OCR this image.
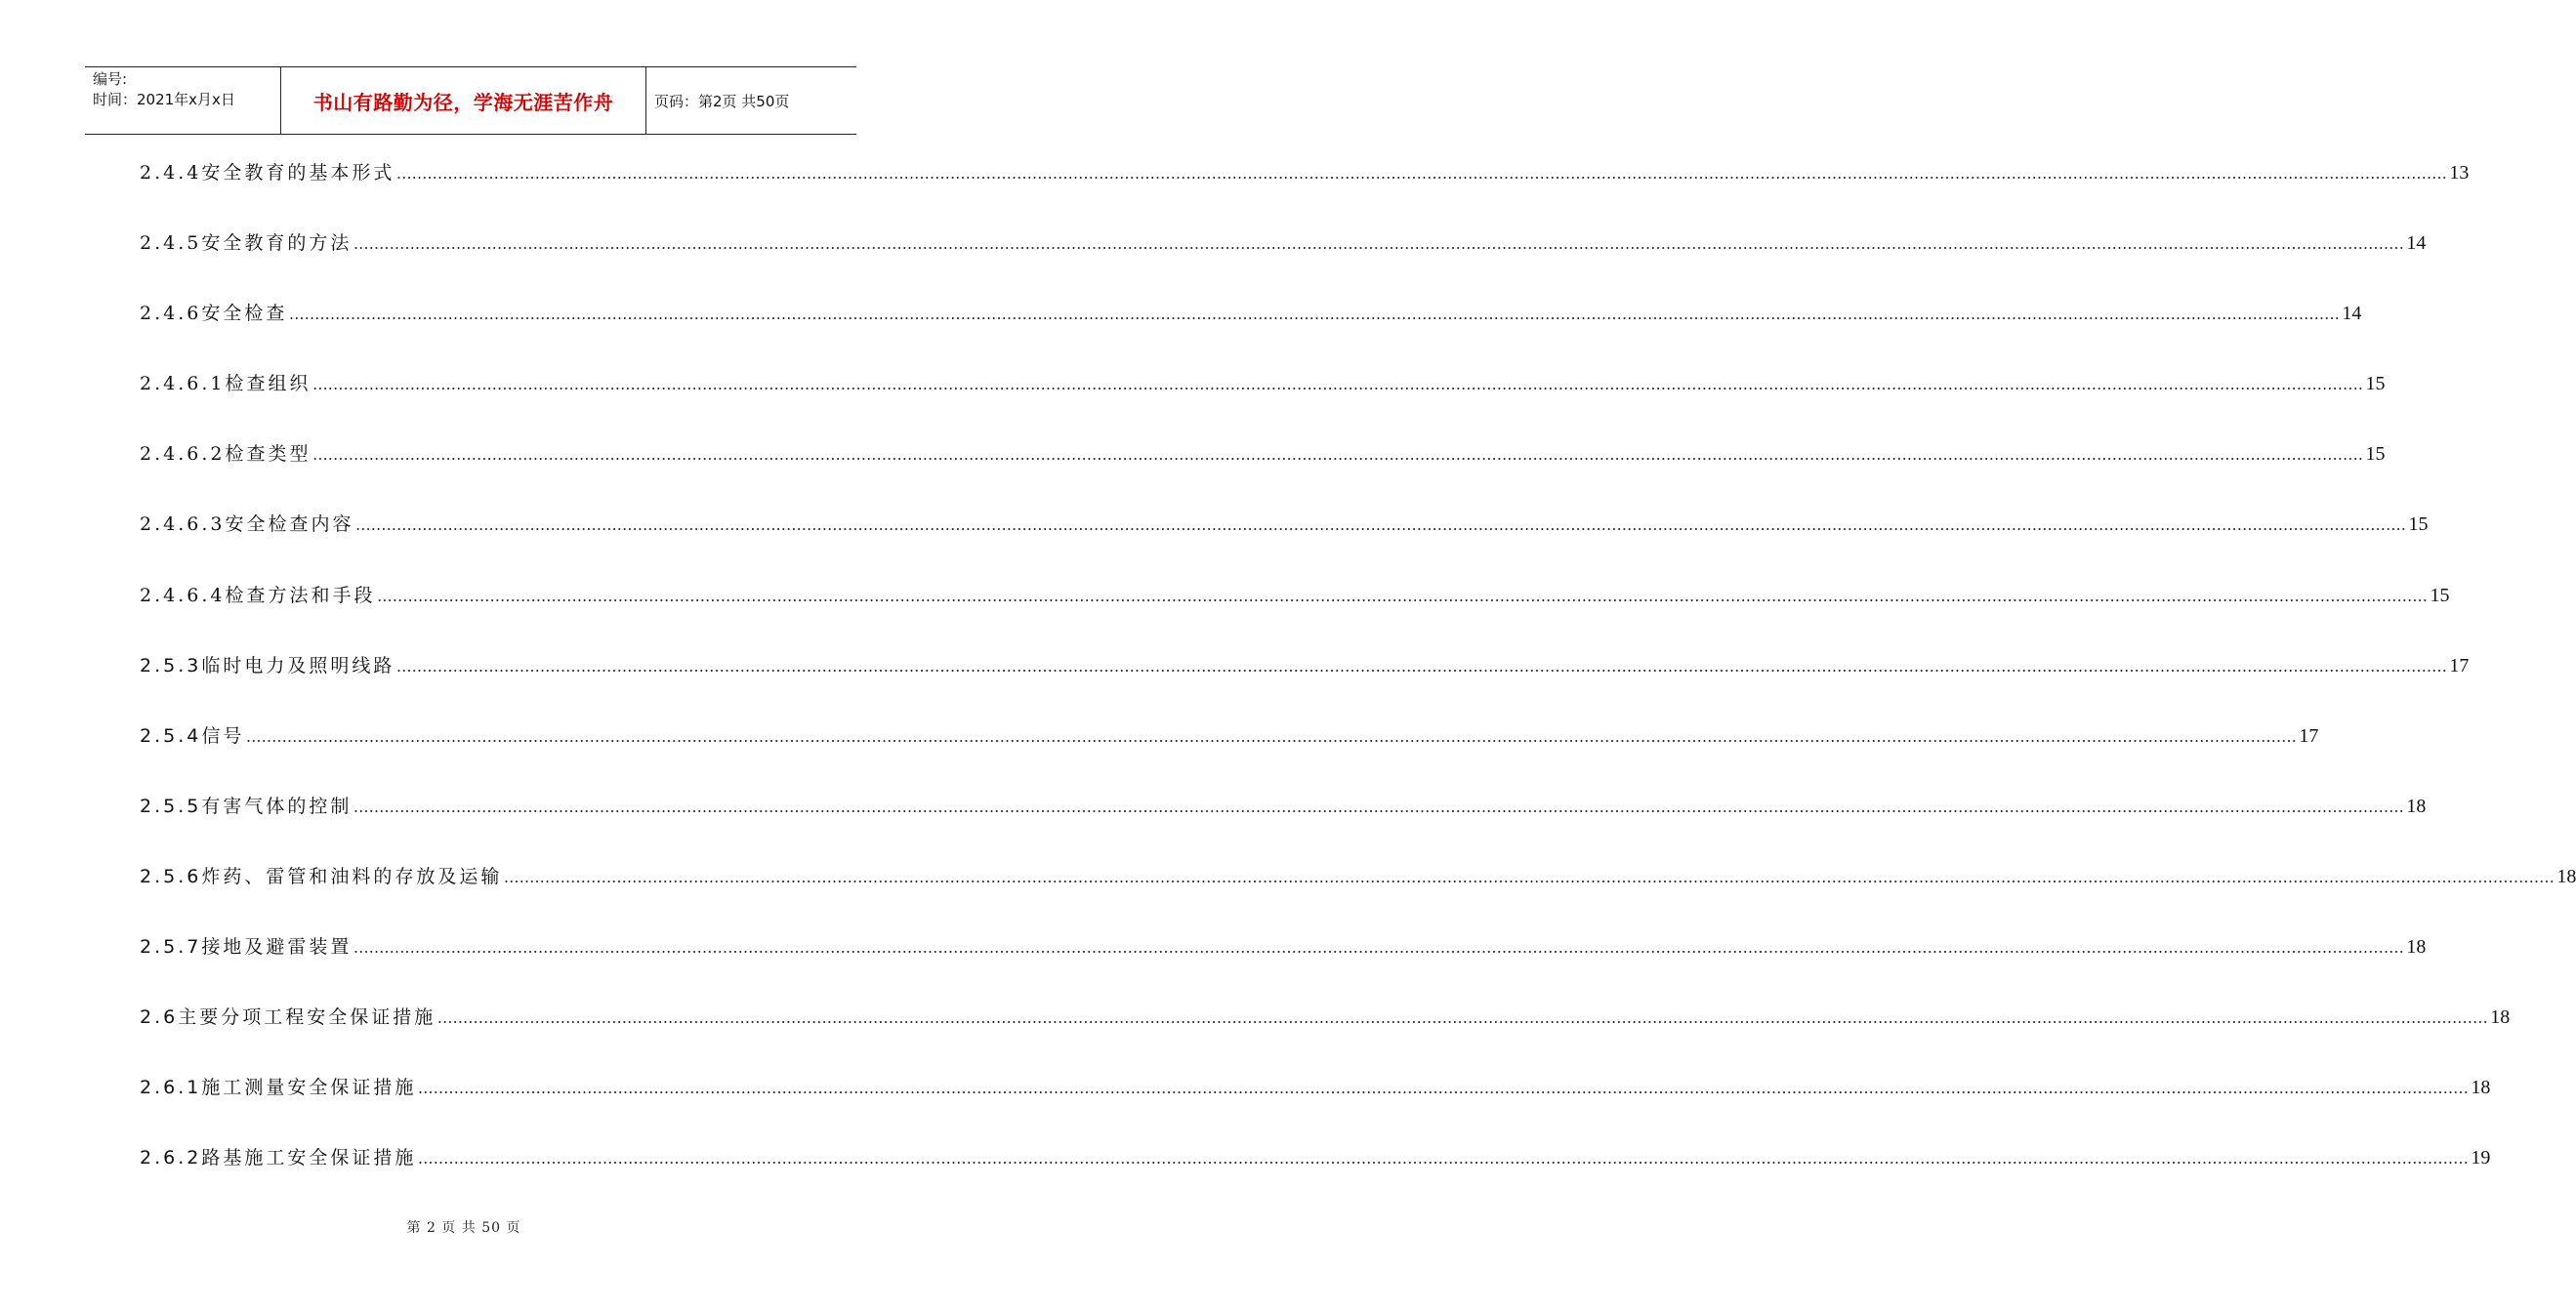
编号:
时间：2021年x月x日	书山有路勤为径，学海无涯苦作舟	页码：第2页 共50页
2.4.4安全教育的基本形式 ................................................................................................................................................................................................................................................................................................................................................................................................................ 13
2.4.5安全教育的方法 ................................................................................................................................................................................................................................................................................................................................................................................................................ 14
2.4.6安全检查 ................................................................................................................................................................................................................................................................................................................................................................................................................ 14
2.4.6.1检查组织 ................................................................................................................................................................................................................................................................................................................................................................................................................ 15
2.4.6.2检查类型 ................................................................................................................................................................................................................................................................................................................................................................................................................ 15
2.4.6.3安全检查内容 ................................................................................................................................................................................................................................................................................................................................................................................................................ 15
2.4.6.4检查方法和手段 ................................................................................................................................................................................................................................................................................................................................................................................................................ 15
2.5.3临时电力及照明线路 ................................................................................................................................................................................................................................................................................................................................................................................................................ 17
2.5.4信号 ................................................................................................................................................................................................................................................................................................................................................................................................................ 17
2.5.5有害气体的控制 ................................................................................................................................................................................................................................................................................................................................................................................................................ 18
2.5.6炸药、雷管和油料的存放及运输 ................................................................................................................................................................................................................................................................................................................................................................................................................ 18
2.5.7接地及避雷装置 ................................................................................................................................................................................................................................................................................................................................................................................................................ 18
2.6主要分项工程安全保证措施 ................................................................................................................................................................................................................................................................................................................................................................................................................ 18
2.6.1施工测量安全保证措施 ................................................................................................................................................................................................................................................................................................................................................................................................................ 18
2.6.2路基施工安全保证措施 ................................................................................................................................................................................................................................................................................................................................................................................................................ 19
第 2 页 共 50 页
